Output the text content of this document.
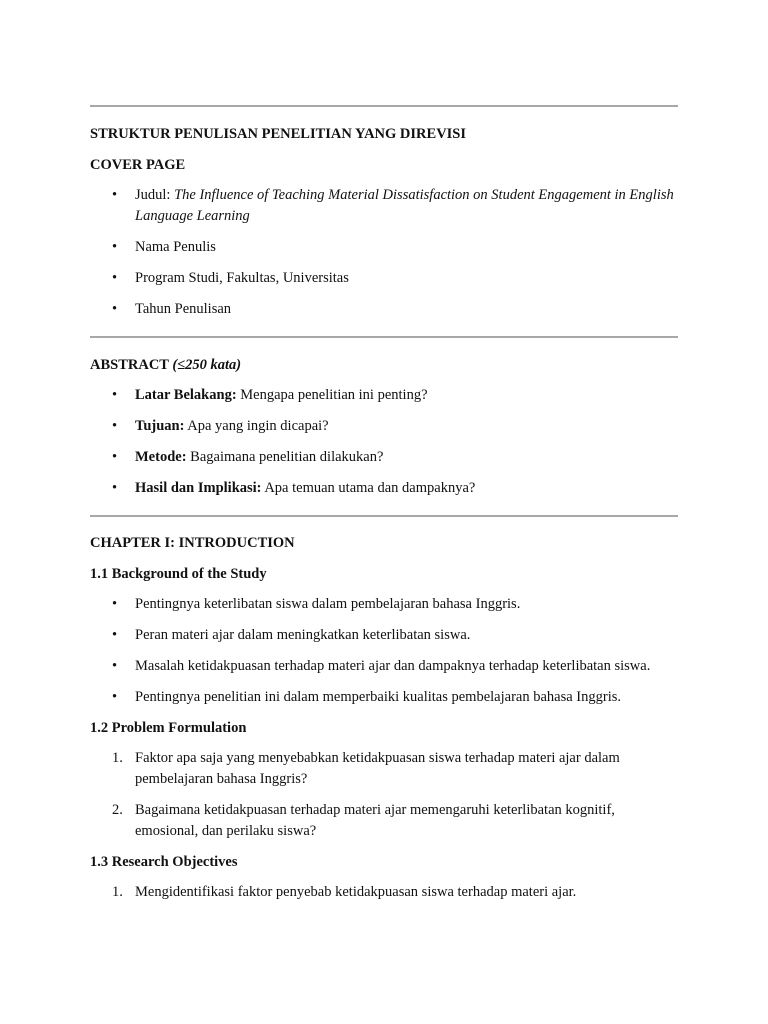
STRUKTUR PENULISAN PENELITIAN YANG DIREVISI
COVER PAGE
• Judul: The Influence of Teaching Material Dissatisfaction on Student Engagement in English Language Learning
• Nama Penulis
• Program Studi, Fakultas, Universitas
• Tahun Penulisan
ABSTRACT (≤250 kata)
• Latar Belakang: Mengapa penelitian ini penting?
• Tujuan: Apa yang ingin dicapai?
• Metode: Bagaimana penelitian dilakukan?
• Hasil dan Implikasi: Apa temuan utama dan dampaknya?
CHAPTER I: INTRODUCTION
1.1 Background of the Study
• Pentingnya keterlibatan siswa dalam pembelajaran bahasa Inggris.
• Peran materi ajar dalam meningkatkan keterlibatan siswa.
• Masalah ketidakpuasan terhadap materi ajar dan dampaknya terhadap keterlibatan siswa.
• Pentingnya penelitian ini dalam memperbaiki kualitas pembelajaran bahasa Inggris.
1.2 Problem Formulation
1. Faktor apa saja yang menyebabkan ketidakpuasan siswa terhadap materi ajar dalam pembelajaran bahasa Inggris?
2. Bagaimana ketidakpuasan terhadap materi ajar memengaruhi keterlibatan kognitif, emosional, dan perilaku siswa?
1.3 Research Objectives
1. Mengidentifikasi faktor penyebab ketidakpuasan siswa terhadap materi ajar.
